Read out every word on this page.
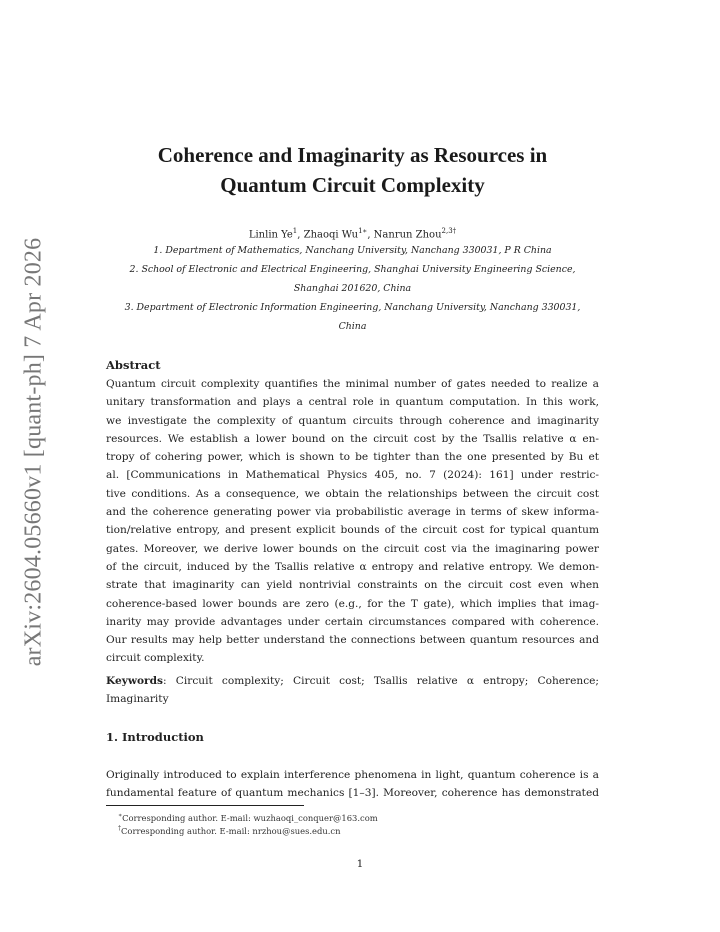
arXiv:2604.05660v1 [quant-ph] 7 Apr 2026
Coherence and Imaginarity as Resources in
Quantum Circuit Complexity
Linlin Ye$^1$, Zhaoqi $Wu^{1∗}$, Nanrun Zhou$^{2,3\dagger}$
1. Department of Mathematics, Nanchang University, Nanchang 330031, P R China
2. School of Electronic and Electrical Engineering, Shanghai University Engineering Science,
Shanghai 201620, China
3. Department of Electronic Information Engineering, Nanchang University, Nanchang 330031,
China
Abstract
Quantum circuit complexity quantifies the minimal number of gates needed to realize a
unitary transformation and plays a central role in quantum computation. In this work,
we investigate the complexity of quantum circuits through coherence and imaginarity
resources. We establish a lower bound on the circuit cost by the Tsallis relative α en-
tropy of cohering power, which is shown to be tighter than the one presented by Bu et
al. [Communications in Mathematical Physics 405, no. 7 (2024): 161] under restric-
tive conditions. As a consequence, we obtain the relationships between the circuit cost
and the coherence generating power via probabilistic average in terms of skew informa-
tion/relative entropy, and present explicit bounds of the circuit cost for typical quantum
gates. Moreover, we derive lower bounds on the circuit cost via the imaginaring power
of the circuit, induced by the Tsallis relative α entropy and relative entropy. We demon-
strate that imaginarity can yield nontrivial constraints on the circuit cost even when
coherence-based lower bounds are zero (e.g., for the T gate), which implies that imag-
inarity may provide advantages under certain circumstances compared with coherence.
Our results may help better understand the connections between quantum resources and
circuit complexity.
Keywords: Circuit complexity; Circuit cost; Tsallis relative α entropy; Coherence;
Imaginarity
1. Introduction
Originally introduced to explain interference phenomena in light, quantum coherence is a
fundamental feature of quantum mechanics [1–3]. Moreover, coherence has demonstrated
∗Corresponding author. E-mail: wuzhaoqi_conquer@163.com
†Corresponding author. E-mail: nrzhou@sues.edu.cn
1
